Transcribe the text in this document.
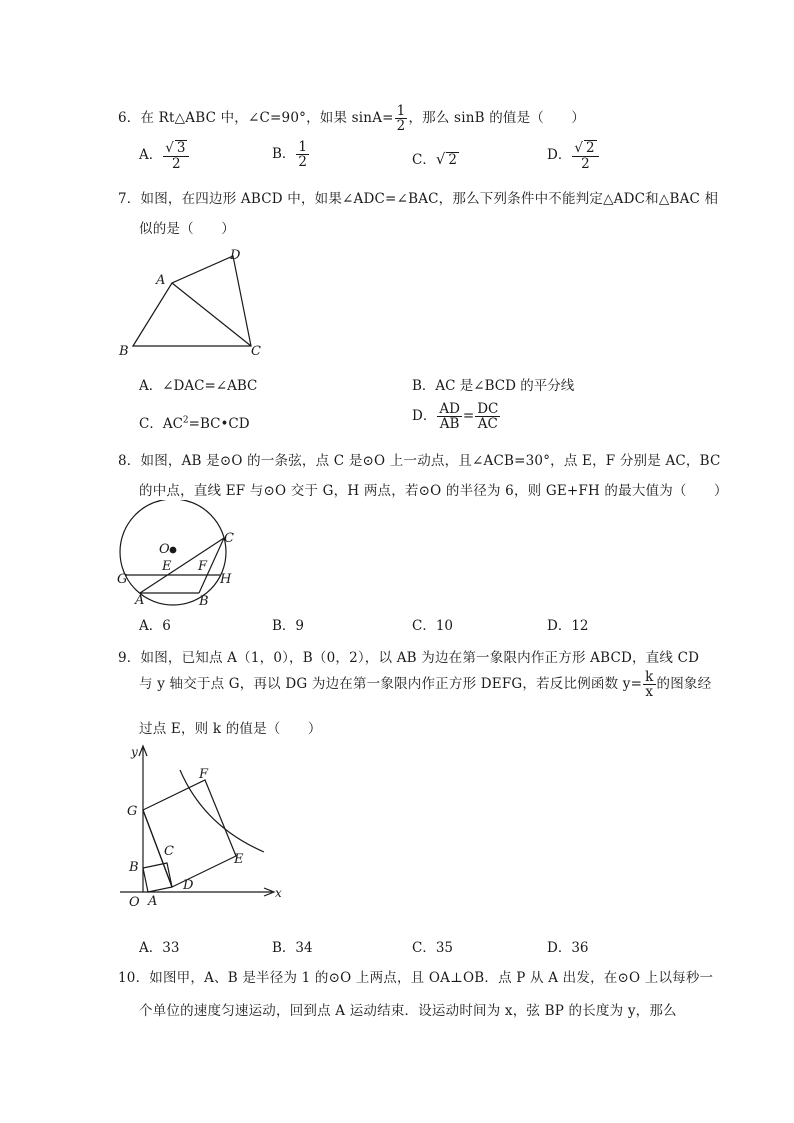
6．在 Rt△ABC 中，∠C=90°，如果 $\sin A= \frac{1}{2}$ ，那么 sinB 的值是（　　）
A． $\frac{√ 3}{2}$	B． $\frac{1}{2}$	C．√ 2	D． $\frac{√ 2}{2}$
7．如图，在四边形 ABCD 中，如果∠ADC=∠BAC，那么下列条件中不能判定△ADC和△BAC 相
似的是（　　）
A
D
B	C
A．∠DAC=∠ABC	B．AC 是∠BCD 的平分线
C．$AC^2=BC•CD$	D． $\frac{AD}{AB} = \frac{DC}{AC}$
8．如图，AB 是⊙O 的一条弦，点 C 是⊙O 上一动点，且∠ACB=30°，点 E，F 分别是 AC，BC
的中点，直线 EF 与⊙O 交于 G，H 两点，若⊙O 的半径为 6，则 GE+FH 的最大值为（　　）
O
C
E F
G	H
A	B
A．6	B．9	C．10	D．12
9．如图，已知点 A（1，0），B（0，2），以 AB 为边在第一象限内作正方形 ABCD，直线 CD
与 y 轴交于点 G，再以 DG 为边在第一象限内作正方形 DEFG，若反比例函数 $y= \frac{k}{x}$ 的图象经
过点 E，则 k 的值是（　　）
y
x
O A
B
C
D
E
F
G
A．33	B．34	C．35	D．36
10．如图甲，A、B 是半径为 1 的⊙O 上两点，且 OA⊥OB．点 P 从 A 出发，在⊙O 上以每秒一
个单位的速度匀速运动，回到点 A 运动结束．设运动时间为 x，弦 BP 的长度为 y，那么
